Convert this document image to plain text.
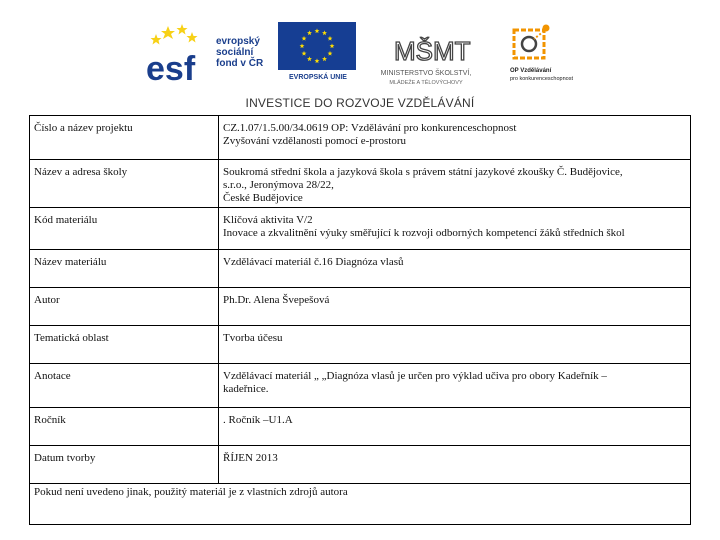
esf
evropský
sociální
fond v ČR
EVROPSKÁ UNIE
MŠMT
MINISTERSTVO ŠKOLSTVÍ,
MLÁDEŽE A TĚLOVÝCHOVY
OP Vzdělávání
pro konkurenceschopnost
INVESTICE DO ROZVOJE VZDĚLÁVÁNÍ
Číslo a název projektu	CZ.1.07/1.5.00/34.0619 OP: Vzdělávání pro konkurenceschopnost
Zvyšování vzdělanosti pomocí e-prostoru

Název a adresa školy	Soukromá střední škola a jazyková škola s právem státní jazykové zkoušky Č. Budějovice,
s.r.o., Jeronýmova 28/22,
České Budějovice

Kód materiálu	Klíčová aktivita V/2
Inovace a zkvalitnění výuky směřující k rozvoji odborných kompetencí žáků středních škol

Název materiálu	Vzdělávací materiál č.16 Diagnóza vlasů

Autor	Ph.Dr. Alena Švepešová

Tematická oblast	Tvorba účesu

Anotace	Vzdělávací materiál „ „Diagnóza vlasů je určen pro výklad učiva pro obory Kadeřník –
kadeřnice.

Ročník	. Ročník –U1.A

Datum tvorby	ŘÍJEN 2013

Pokud není uvedeno jinak, použitý materiál je z vlastních zdrojů autora	
